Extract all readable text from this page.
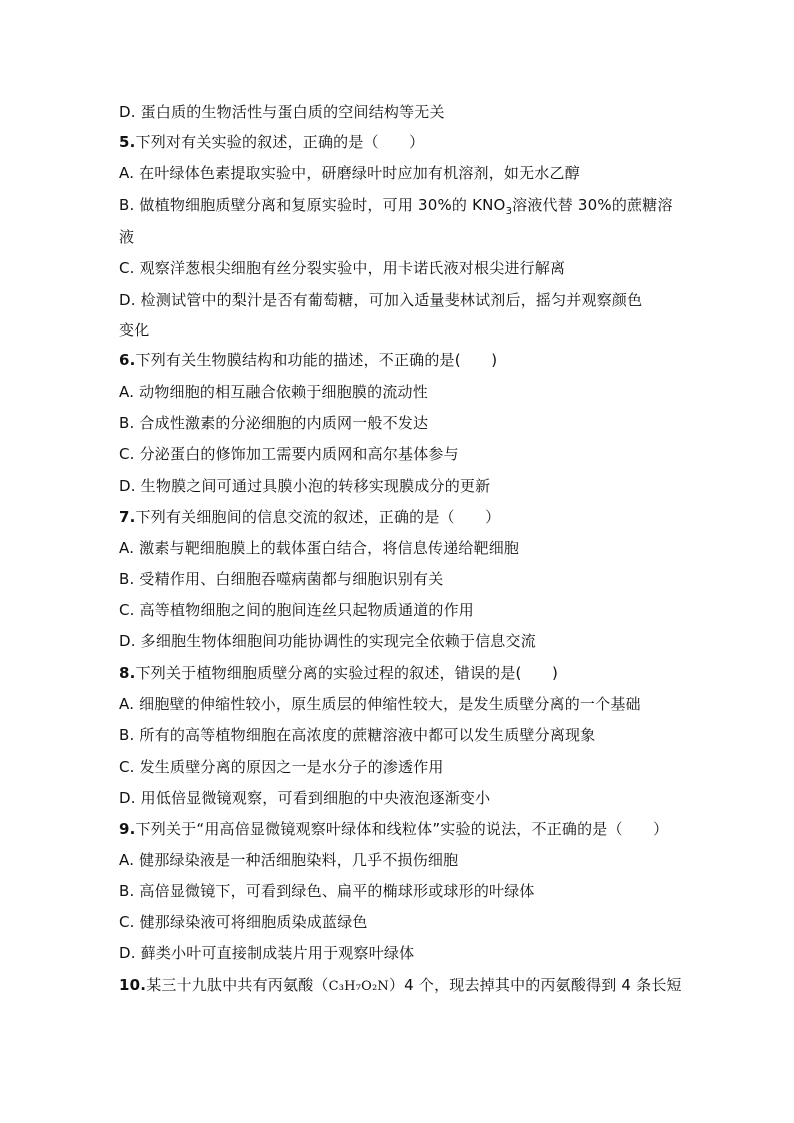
D. 蛋白质的生物活性与蛋白质的空间结构等无关
5.下列对有关实验的叙述，正确的是（　　）
A. 在叶绿体色素提取实验中，研磨绿叶时应加有机溶剂，如无水乙醇
B. 做植物细胞质壁分离和复原实验时，可用 30%的 $KNO_3$溶液代替 30%的蔗糖溶
液
C. 观察洋葱根尖细胞有丝分裂实验中，用卡诺氏液对根尖进行解离
D. 检测试管中的梨汁是否有葡萄糖，可加入适量斐林试剂后，摇匀并观察颜色
变化
6.下列有关生物膜结构和功能的描述，不正确的是(　　)
A. 动物细胞的相互融合依赖于细胞膜的流动性
B. 合成性激素的分泌细胞的内质网一般不发达
C. 分泌蛋白的修饰加工需要内质网和高尔基体参与
D. 生物膜之间可通过具膜小泡的转移实现膜成分的更新
7.下列有关细胞间的信息交流的叙述，正确的是（　　）
A. 激素与靶细胞膜上的载体蛋白结合，将信息传递给靶细胞
B. 受精作用、白细胞吞噬病菌都与细胞识别有关
C. 高等植物细胞之间的胞间连丝只起物质通道的作用
D. 多细胞生物体细胞间功能协调性的实现完全依赖于信息交流
8.下列关于植物细胞质壁分离的实验过程的叙述，错误的是(　　)
A. 细胞壁的伸缩性较小，原生质层的伸缩性较大，是发生质壁分离的一个基础
B. 所有的高等植物细胞在高浓度的蔗糖溶液中都可以发生质壁分离现象
C. 发生质壁分离的原因之一是水分子的渗透作用
D. 用低倍显微镜观察，可看到细胞的中央液泡逐渐变小
9.下列关于“用高倍显微镜观察叶绿体和线粒体”实验的说法，不正确的是（　　）
A. 健那绿染液是一种活细胞染料，几乎不损伤细胞
B. 高倍显微镜下，可看到绿色、扁平的椭球形或球形的叶绿体
C. 健那绿染液可将细胞质染成蓝绿色
D. 藓类小叶可直接制成装片用于观察叶绿体
10.某三十九肽中共有丙氨酸（C₃H₇O₂N）4 个，现去掉其中的丙氨酸得到 4 条长短
